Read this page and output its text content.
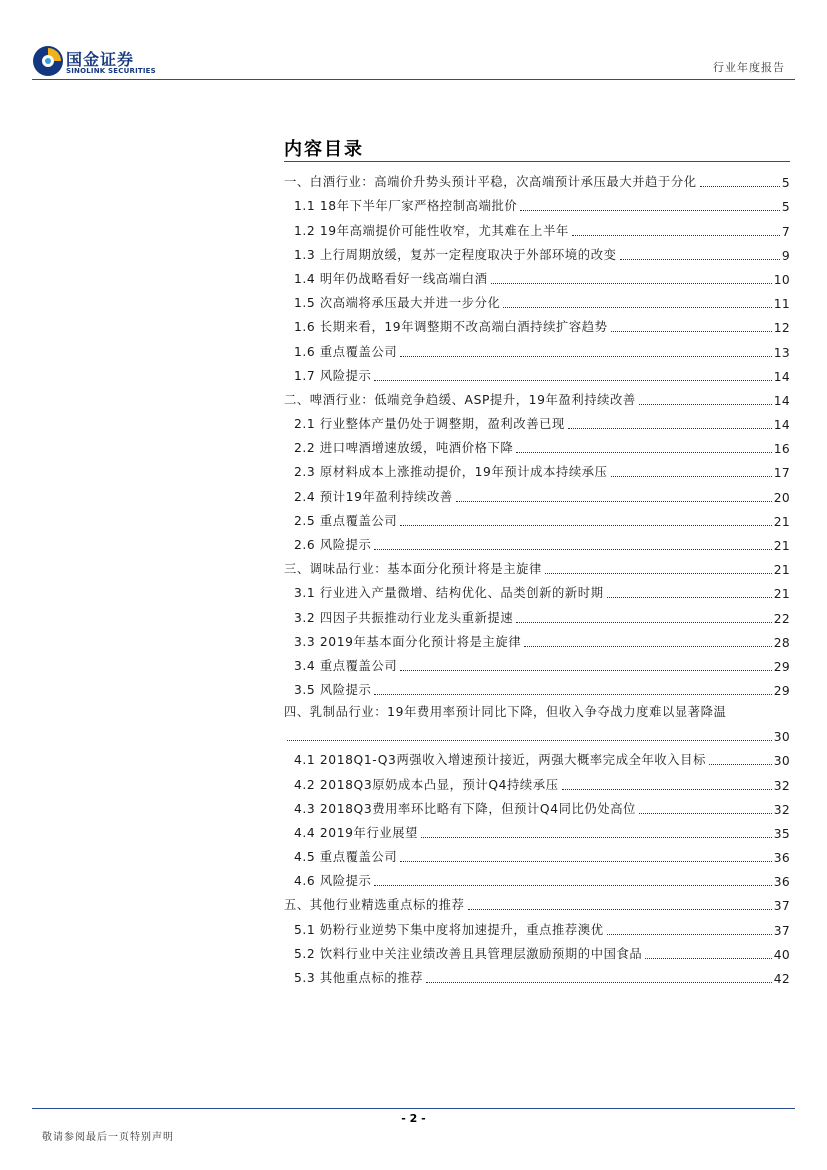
国金证券
SINOLINK SECURITIES	行业年度报告
内容目录
一、白酒行业：高端价升势头预计平稳，次高端预计承压最大并趋于分化	5
1.1 18年下半年厂家严格控制高端批价	5
1.2 19年高端提价可能性收窄，尤其难在上半年	7
1.3 上行周期放缓，复苏一定程度取决于外部环境的改变	9
1.4 明年仍战略看好一线高端白酒	10
1.5 次高端将承压最大并进一步分化	11
1.6 长期来看，19年调整期不改高端白酒持续扩容趋势	12
1.6 重点覆盖公司	13
1.7 风险提示	14
二、啤酒行业：低端竞争趋缓、ASP提升，19年盈利持续改善	14
2.1 行业整体产量仍处于调整期，盈利改善已现	14
2.2 进口啤酒增速放缓，吨酒价格下降	16
2.3 原材料成本上涨推动提价，19年预计成本持续承压	17
2.4 预计19年盈利持续改善	20
2.5 重点覆盖公司	21
2.6 风险提示	21
三、调味品行业：基本面分化预计将是主旋律	21
3.1 行业进入产量微增、结构优化、品类创新的新时期	21
3.2 四因子共振推动行业龙头重新提速	22
3.3 2019年基本面分化预计将是主旋律	28
3.4 重点覆盖公司	29
3.5 风险提示	29
四、乳制品行业：19年费用率预计同比下降，但收入争夺战力度难以显著降温
30
4.1 2018Q1-Q3两强收入增速预计接近，两强大概率完成全年收入目标	30
4.2 2018Q3原奶成本凸显，预计Q4持续承压	32
4.3 2018Q3费用率环比略有下降，但预计Q4同比仍处高位	32
4.4 2019年行业展望	35
4.5 重点覆盖公司	36
4.6 风险提示	36
五、其他行业精选重点标的推荐	37
5.1 奶粉行业逆势下集中度将加速提升，重点推荐澳优	37
5.2 饮料行业中关注业绩改善且具管理层激励预期的中国食品	40
5.3 其他重点标的推荐	42
- 2 -
敬请参阅最后一页特别声明
